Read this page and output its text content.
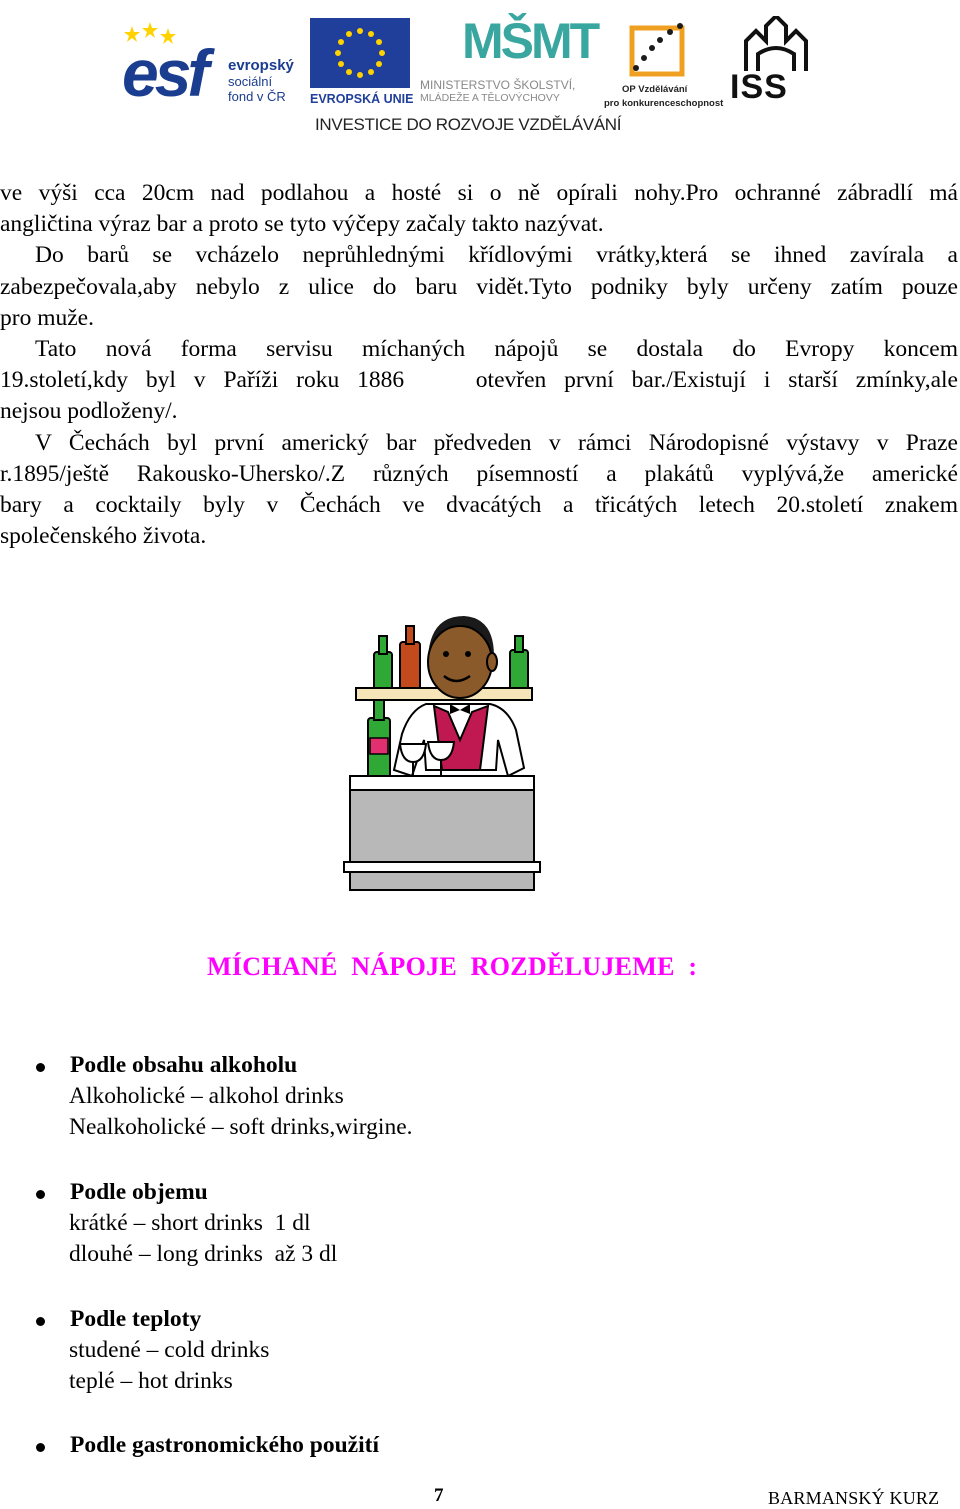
esf evropský
sociální
fond v ČR EVROPSKÁ UNIE
MŠMT
MINISTERSTVO ŠKOLSTVÍ,
MLÁDEŽE A TĚLOVÝCHOVY
OP Vzdělávání
pro konkurenceschopnost ISS
INVESTICE DO ROZVOJE VZDĚLÁVÁNÍ

ve výši cca 20cm nad podlahou a hosté si o ně opírali nohy.Pro ochranné zábradlí má
angličtina výraz bar a proto se tyto výčepy začaly takto nazývat.

Do barů se vcházelo neprůhlednými křídlovými vrátky,která se ihned zavírala a
zabezpečovala,aby nebylo z ulice do baru vidět.Tyto podniky byly určeny zatím pouze
pro muže.

Tato nová forma servisu míchaných nápojů se dostala do Evropy koncem
19.století,kdy byl v Paříži roku 1886    otevřen první bar./Existují i starší zmínky,ale
nejsou podloženy/.

V Čechách byl první americký bar předveden v rámci Národopisné výstavy v Praze
r.1895/ještě Rakousko-Uhersko/.Z různých písemností a plakátů vyplývá,že americké
bary a cocktaily byly v Čechách ve dvacátých a třicátých letech 20.století znakem
společenského života.

MÍCHANÉ  NÁPOJE  ROZDĚLUJEME  :
Podle obsahu alkoholu
Alkoholické – alkohol drinks
Nealkoholické – soft drinks,wirgine.
Podle objemu
krátké – short drinks  1 dl
dlouhé – long drinks  až 3 dl
Podle teploty
studené – cold drinks
teplé – hot drinks
Podle gastronomického použití
7	BARMANSKÝ KURZ
